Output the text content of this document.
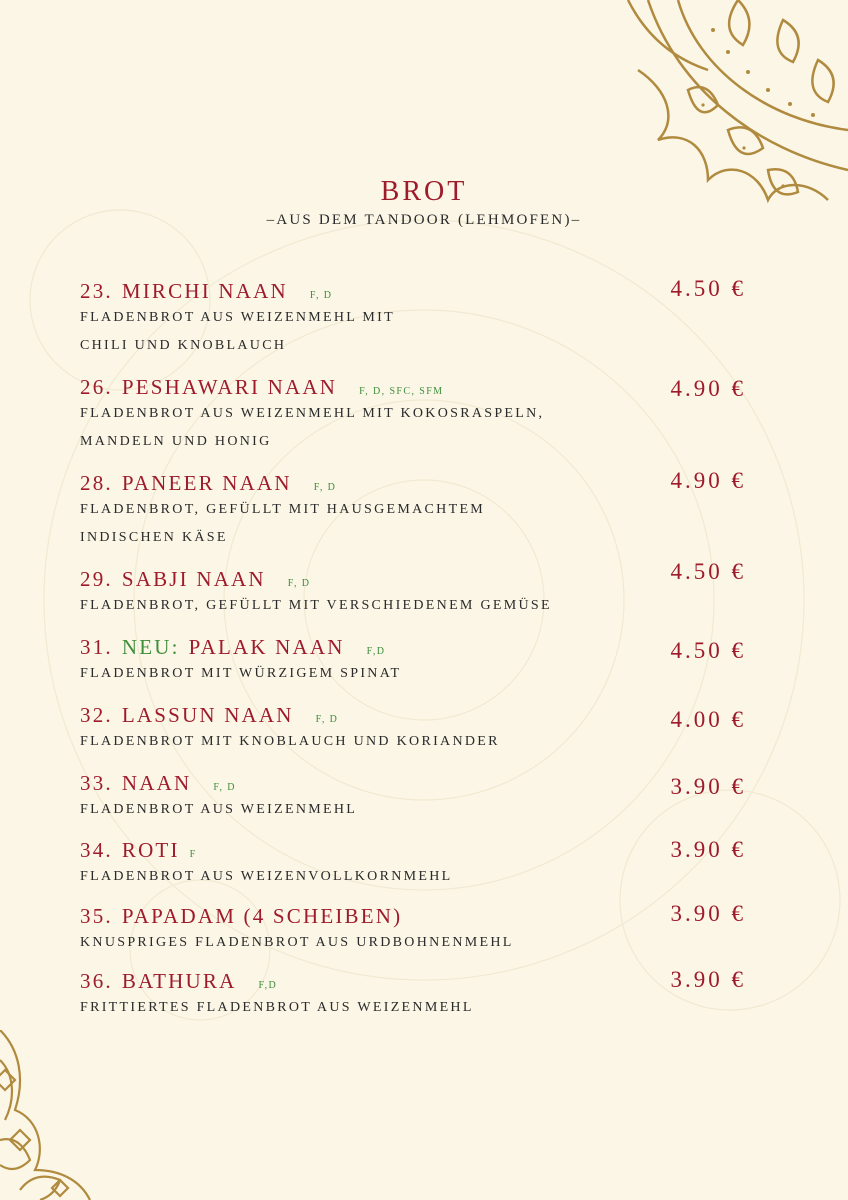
BROT
–AUS DEM TANDOOR (LEHMOFEN)–
23. MIRCHI NAAN F, D
FLADENBROT AUS WEIZENMEHL MIT
CHILI UND KNOBLAUCH
4.50 €
26. PESHAWARI NAAN F, D, SFC, SFM
FLADENBROT AUS WEIZENMEHL MIT KOKOSRASPELN,
MANDELN UND HONIG
4.90 €
28. PANEER NAAN F, D
FLADENBROT, GEFÜLLT MIT HAUSGEMACHTEM
INDISCHEN KÄSE
4.90 €
29. SABJI NAAN F, D
FLADENBROT, GEFÜLLT MIT VERSCHIEDENEM GEMÜSE
4.50 €
31. NEU: PALAK NAAN F,D
FLADENBROT MIT WÜRZIGEM SPINAT
4.50 €
32. LASSUN NAAN F, D
FLADENBROT MIT KNOBLAUCH UND KORIANDER
4.00 €
33. NAAN F, D
FLADENBROT AUS WEIZENMEHL
3.90 €
34. ROTI F
FLADENBROT AUS WEIZENVOLLKORNMEHL
3.90 €
35. PAPADAM (4 SCHEIBEN)
KNUSPRIGES FLADENBROT AUS URDBOHNENMEHL
3.90 €
36. BATHURA F,D
FRITTIERTES FLADENBROT AUS WEIZENMEHL
3.90 €
